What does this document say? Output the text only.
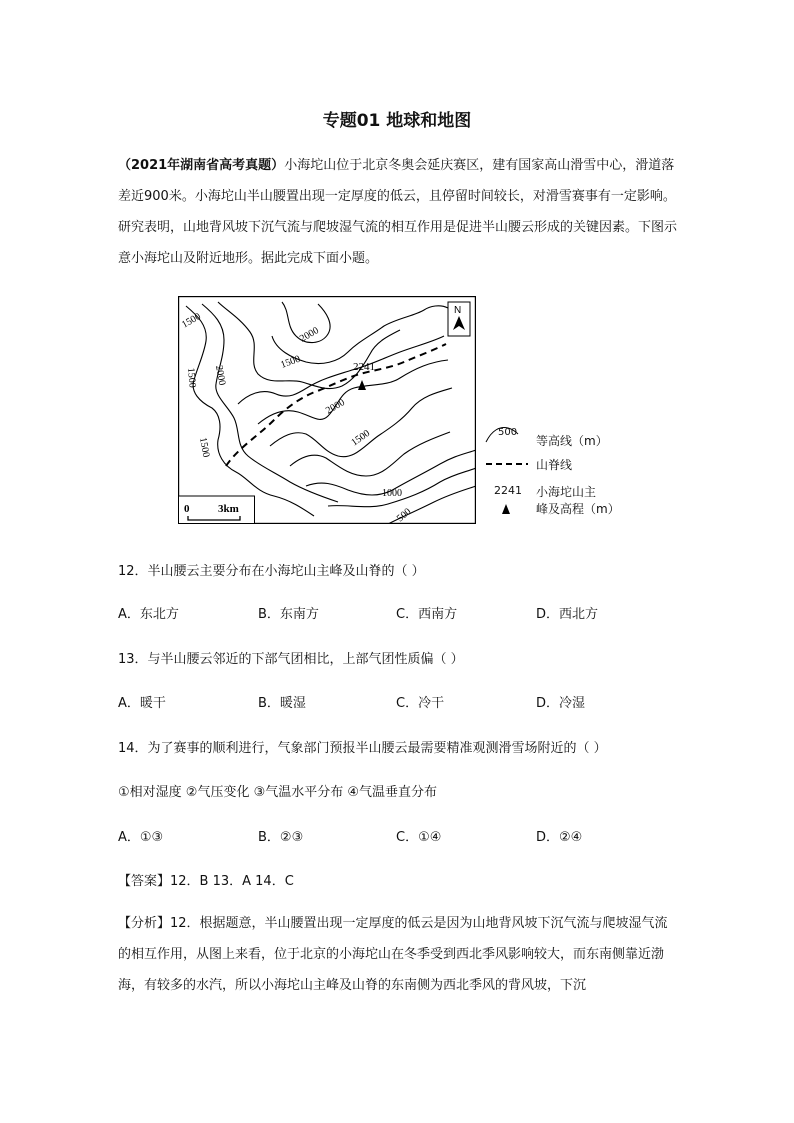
专题01 地球和地图
（2021年湖南省高考真题）小海坨山位于北京冬奥会延庆赛区，建有国家高山滑雪中心，滑道落差近900米。小海坨山半山腰置出现一定厚度的低云，且停留时间较长，对滑雪赛事有一定影响。研究表明，山地背风坡下沉气流与爬坡湿气流的相互作用是促进半山腰云形成的关键因素。下图示意小海坨山及附近地形。据此完成下面小题。
2241
1500
2000
1500
2000
1500
2000
1500	1500
1000
500
N
0	3km
500
等高线（m）
山脊线
2241 小海坨山主
峰及高程（m）
12．半山腰云主要分布在小海坨山主峰及山脊的（ ）
A．东北方	B．东南方	C．西南方	D．西北方
13．与半山腰云邻近的下部气团相比，上部气团性质偏（ ）
A．暖干	B．暖湿	C．冷干	D．冷湿
14．为了赛事的顺利进行，气象部门预报半山腰云最需要精准观测滑雪场附近的（ ）
①相对湿度 ②气压变化 ③气温水平分布 ④气温垂直分布
A．①③	B．②③	C．①④	D．②④
【答案】12．B 13．A 14．C
【分析】12．根据题意，半山腰置出现一定厚度的低云是因为山地背风坡下沉气流与爬坡湿气流的相互作用，从图上来看，位于北京的小海坨山在冬季受到西北季风影响较大，而东南侧靠近渤海，有较多的水汽，所以小海坨山主峰及山脊的东南侧为西北季风的背风坡，下沉
